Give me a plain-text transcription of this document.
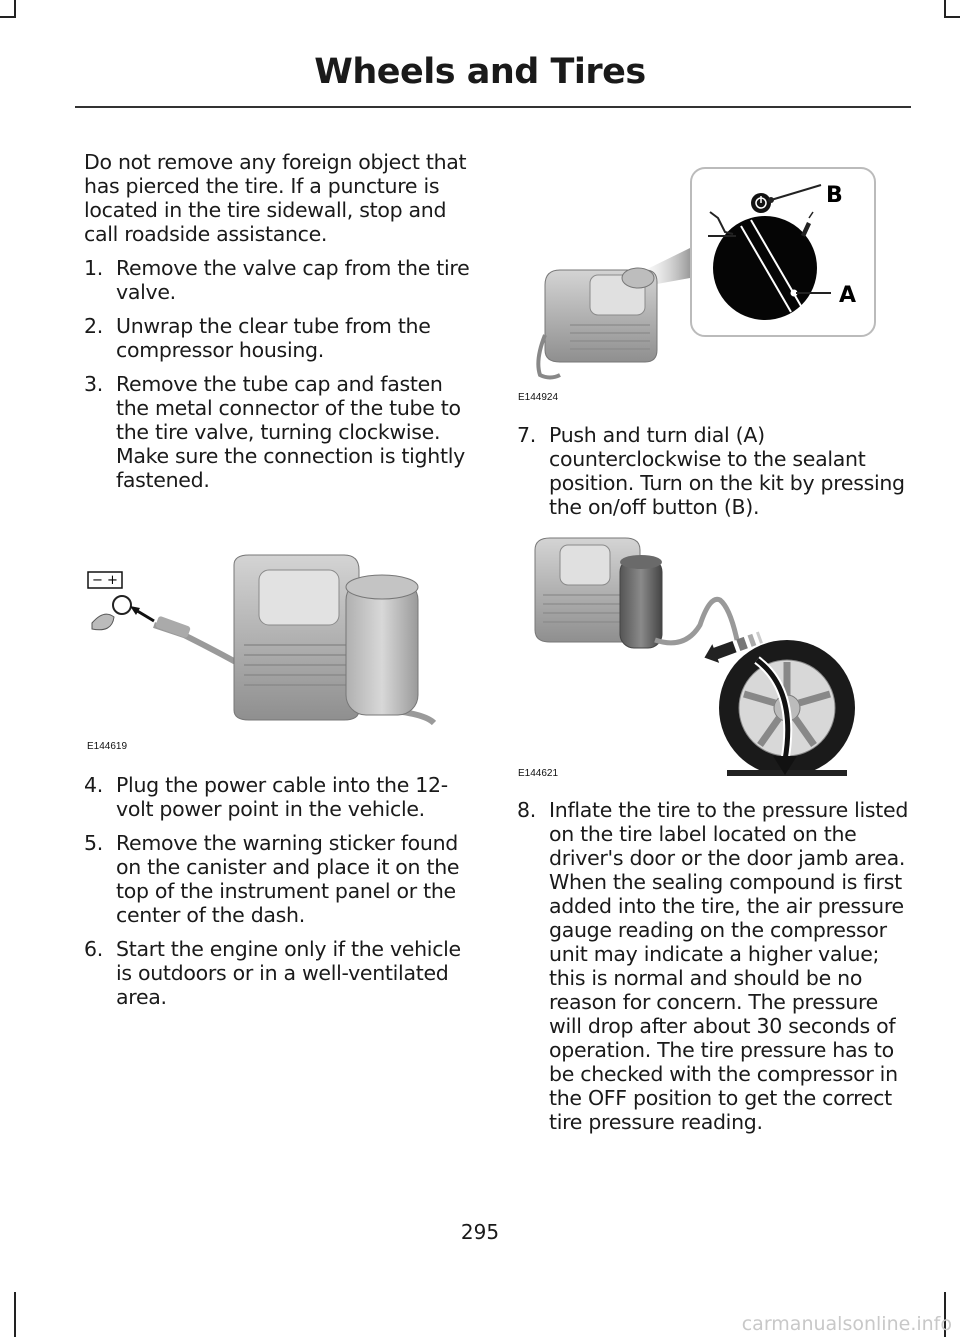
Wheels and Tires

Do not remove any foreign object that has pierced the tire. If a puncture is located in the tire sidewall, stop and call roadside assistance.

1. Remove the valve cap from the tire valve.
2. Unwrap the clear tube from the compressor housing.
3. Remove the tube cap and fasten the metal connector of the tube to the tire valve, turning clockwise. Make sure the connection is tightly fastened.
− +
E144619
4. Plug the power cable into the 12-volt power point in the vehicle.
5. Remove the warning sticker found on the canister and place it on the top of the instrument panel or the center of the dash.
6. Start the engine only if the vehicle is outdoors or in a well-ventilated area.
B
A
E144924
7. Push and turn dial (A) counterclockwise to the sealant position. Turn on the kit by pressing the on/off button (B).
E144621
8. Inflate the tire to the pressure listed on the tire label located on the driver's door or the door jamb area. When the sealing compound is first added into the tire, the air pressure gauge reading on the compressor unit may indicate a higher value; this is normal and should be no reason for concern. The pressure will drop after about 30 seconds of operation. The tire pressure has to be checked with the compressor in the OFF position to get the correct tire pressure reading.
295
carmanualsonline.info
